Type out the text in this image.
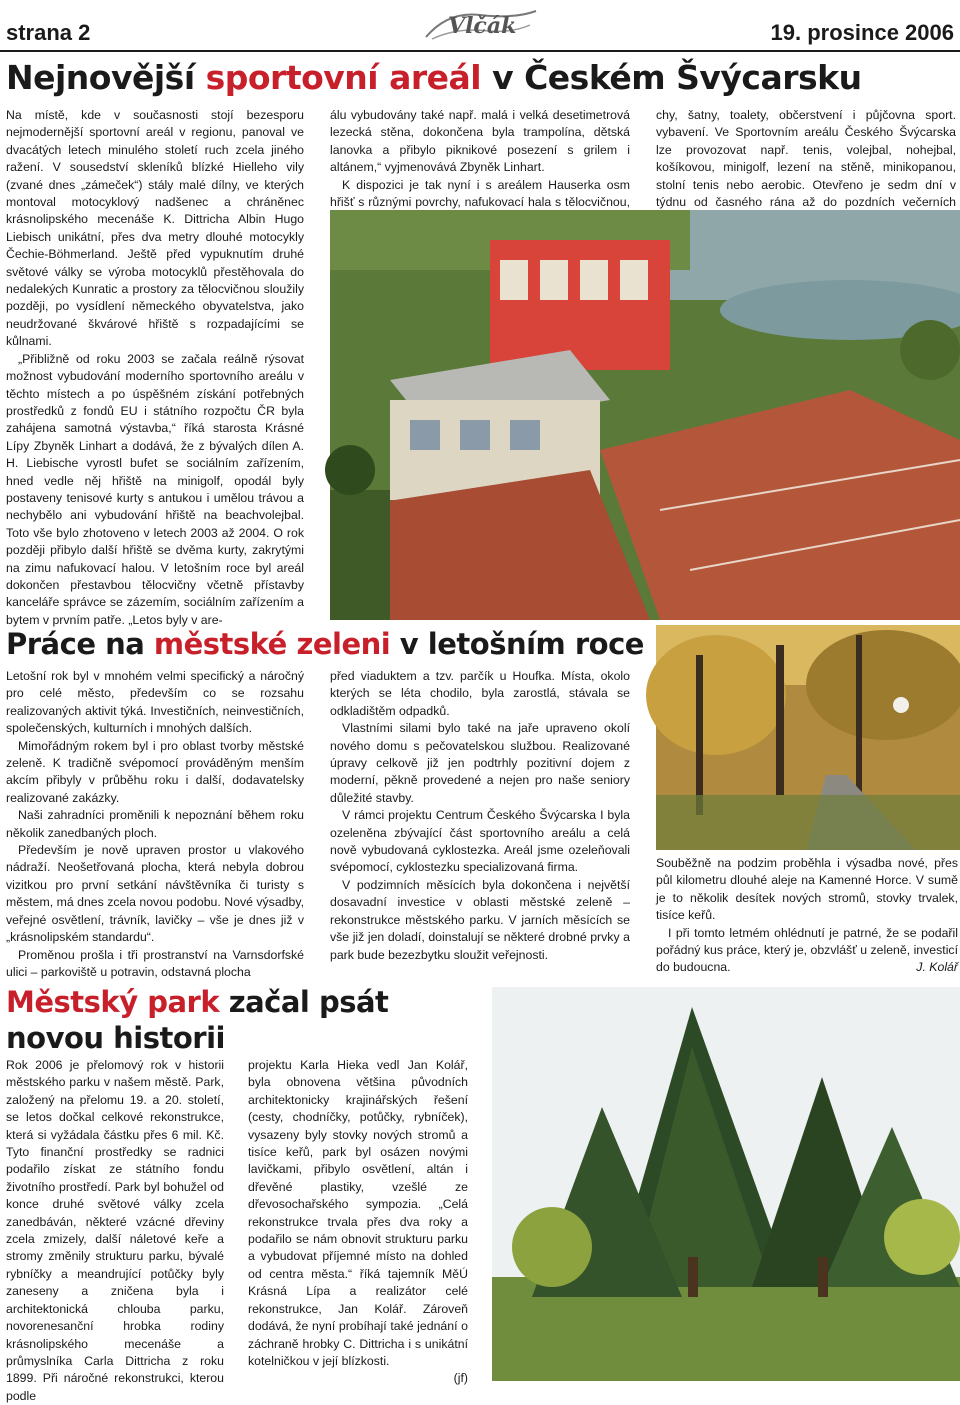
strana 2	Vlčák	19. prosince 2006
Nejnovější sportovní areál v Českém Švýcarsku

Na místě, kde v současnosti stojí bezesporu nejmodernější sportovní areál v regionu, panoval ve dvacátých letech minulého století ruch zcela jiného ražení. V sousedství skleníků blízké Hielleho vily (zvané dnes „zámeček“) stály malé dílny, ve kterých montoval motocyklový nadšenec a chráněnec krásnolipského mecenáše K. Dittricha Albin Hugo Liebisch unikátní, přes dva metry dlouhé motocykly Čechie-Böhmerland. Ještě před vypuknutím druhé světové války se výroba motocyklů přestěhovala do nedalekých Kunratic a prostory za tělocvičnou sloužily později, po vysídlení německého obyvatelstva, jako neudržované škvárové hřiště s rozpadajícími se kůlnami.

„Přibližně od roku 2003 se začala reálně rýsovat možnost vybudování moderního sportovního areálu v těchto místech a po úspěšném získání potřebných prostředků z fondů EU i státního rozpočtu ČR byla zahájena samotná výstavba,“ říká starosta Krásné Lípy Zbyněk Linhart a dodává, že z bývalých dílen A. H. Liebische vyrostl bufet se sociálním zařízením, hned vedle něj hřiště na minigolf, opodál byly postaveny tenisové kurty s antukou i umělou trávou a nechybělo ani vybudování hřiště na beachvolejbal. Toto vše bylo zhotoveno v letech 2003 až 2004. O rok později přibylo další hřiště se dvěma kurty, zakrytými na zimu nafukovací halou. V letošním roce byl areál dokončen přestavbou tělocvičny včetně přístavby kanceláře správce se zázemím, sociálním zařízením a bytem v prvním patře. „Letos byly v are-

álu vybudovány také např. malá i velká desetimetrová lezecká stěna, dokončena byla trampolína, dětská lanovka a přibylo piknikové posezení s grilem i altánem,“ vyjmenovává Zbyněk Linhart.

K dispozici je tak nyní i s areálem Hauserka osm hřišť s různými povrchy, nafukovací hala s tělocvičnou,

chy, šatny, toalety, občerstvení i půjčovna sport. vybavení. Ve Sportovním areálu Českého Švýcarska lze provozovat např. tenis, volejbal, nohejbal, košíkovou, minigolf, lezení na stěně, minikopanou, stolní tenis nebo aerobic. Otevřeno je sedm dní v týdnu od časného rána až do pozdních večerních

Práce na městské zeleni v letošním roce

Letošní rok byl v mnohém velmi specifický a náročný pro celé město, především co se rozsahu realizovaných aktivit týká. Investičních, neinvestičních, společenských, kulturních i mnohých dalších.

Mimořádným rokem byl i pro oblast tvorby městské zeleně. K tradičně svépomocí prováděným menším akcím přibyly v průběhu roku i další, dodavatelsky realizované zakázky.

Naši zahradníci proměnili k nepoznání během roku několik zanedbaných ploch.

Především je nově upraven prostor u vlakového nádraží. Neošetřovaná plocha, která nebyla dobrou vizitkou pro první setkání návštěvníka či turisty s městem, má dnes zcela novou podobu. Nové výsadby, veřejné osvětlení, trávník, lavičky – vše je dnes již v „krásnolipském standardu“.

Proměnou prošla i tři prostranství na Varnsdorfské ulici – parkoviště u potravin, odstavná plocha

před viaduktem a tzv. parčík u Houfka. Místa, okolo kterých se léta chodilo, byla zarostlá, stávala se odkladištěm odpadků.

Vlastními silami bylo také na jaře upraveno okolí nového domu s pečovatelskou službou. Realizované úpravy celkově již jen podtrhly pozitivní dojem z moderní, pěkně provedené a nejen pro naše seniory důležité stavby.

V rámci projektu Centrum Českého Švýcarska I byla ozeleněna zbývající část sportovního areálu a celá nově vybudovaná cyklostezka. Areál jsme ozeleňovali svépomocí, cyklostezku specializovaná firma.

V podzimních měsících byla dokončena i největší dosavadní investice v oblasti městské zeleně – rekonstrukce městského parku. V jarních měsících se vše již jen doladí, doinstalují se některé drobné prvky a park bude bezezbytku sloužit veřejnosti.

Souběžně na podzim proběhla i výsadba nové, přes půl kilometru dlouhé aleje na Kamenné Horce. V sumě je to několik desítek nových stromů, stovky trvalek, tisíce keřů.

I při tomto letmém ohlédnutí je patrné, že se podařil pořádný kus práce, který je, obzvlášť u zeleně, investicí do budoucna.	J. Kolář

Městský park začal psát novou historii

Rok 2006 je přelomový rok v historii městského parku v našem městě. Park, založený na přelomu 19. a 20. století, se letos dočkal celkové rekonstrukce, která si vyžádala částku přes 6 mil. Kč. Tyto finanční prostředky se radnici podařilo získat ze státního fondu životního prostředí. Park byl bohužel od konce druhé světové války zcela zanedbáván, některé vzácné dřeviny zcela zmizely, další náletové keře a stromy změnily strukturu parku, bývalé rybníčky a meandrující potůčky byly zaneseny a zničena byla i architektonická chlouba parku, novorenesanční hrobka rodiny krásnolipského mecenáše a průmyslníka Carla Dittricha z roku 1899. Při náročné rekonstrukci, kterou podle

projektu Karla Hieka vedl Jan Kolář, byla obnovena většina původních architektonicky krajinářských řešení (cesty, chodníčky, potůčky, rybníček), vysazeny byly stovky nových stromů a tisíce keřů, park byl osázen novými lavičkami, přibylo osvětlení, altán i dřevěné plastiky, vzešlé ze dřevosochařského sympozia. „Celá rekonstrukce trvala přes dva roky a podařilo se nám obnovit strukturu parku a vybudovat příjemné místo na dohled od centra města.“ říká tajemník MěÚ Krásná Lípa a realizátor celé rekonstrukce, Jan Kolář. Zároveň dodává, že nyní probíhají také jednání o záchraně hrobky C. Dittricha i s unikátní kotelničkou v její blízkosti.

(jf)
